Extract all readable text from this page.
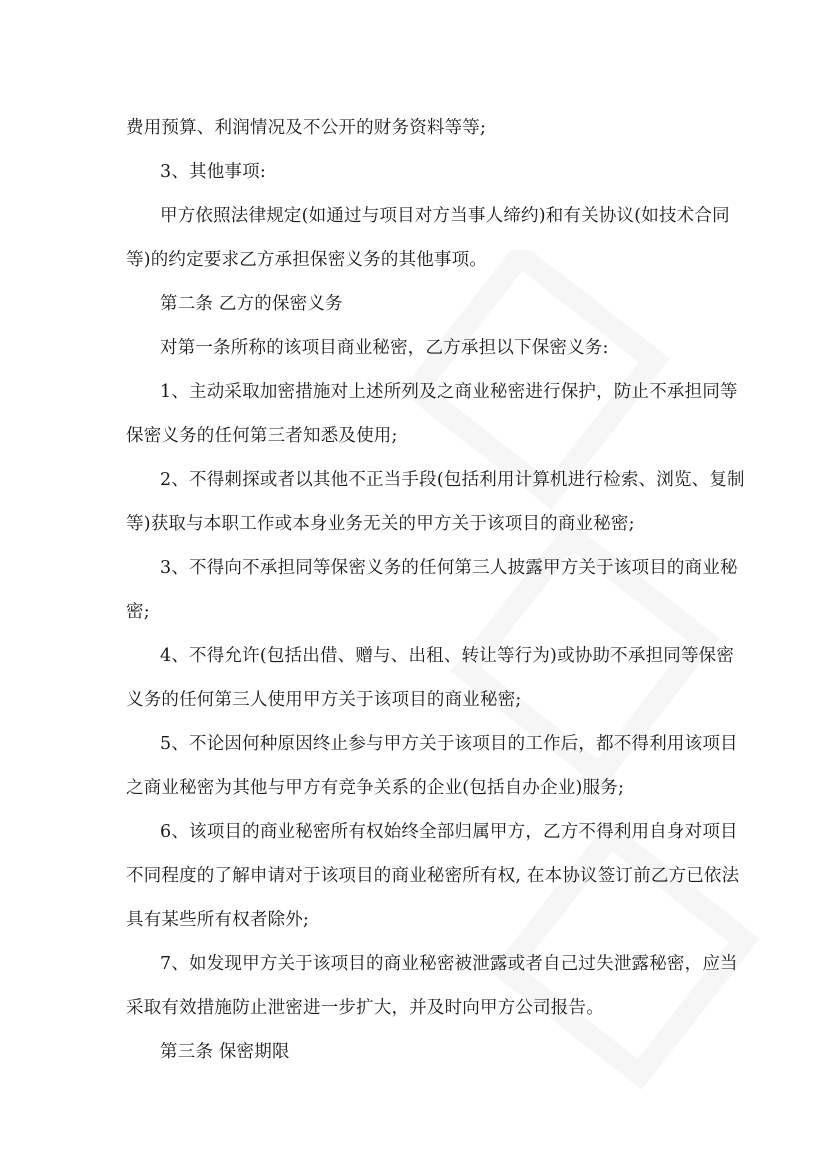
费用预算、利润情况及不公开的财务资料等等;

3、其他事项:

甲方依照法律规定(如通过与项目对方当事人缔约)和有关协议(如技术合同

等)的约定要求乙方承担保密义务的其他事项。

第二条 乙方的保密义务

对第一条所称的该项目商业秘密，乙方承担以下保密义务:

1、主动采取加密措施对上述所列及之商业秘密进行保护，防止不承担同等

保密义务的任何第三者知悉及使用;

2、不得刺探或者以其他不正当手段(包括利用计算机进行检索、浏览、复制

等)获取与本职工作或本身业务无关的甲方关于该项目的商业秘密;

3、不得向不承担同等保密义务的任何第三人披露甲方关于该项目的商业秘

密;

4、不得允许(包括出借、赠与、出租、转让等行为)或协助不承担同等保密

义务的任何第三人使用甲方关于该项目的商业秘密;

5、不论因何种原因终止参与甲方关于该项目的工作后，都不得利用该项目

之商业秘密为其他与甲方有竞争关系的企业(包括自办企业)服务;

6、该项目的商业秘密所有权始终全部归属甲方，乙方不得利用自身对项目

不同程度的了解申请对于该项目的商业秘密所有权, 在本协议签订前乙方已依法

具有某些所有权者除外;

7、如发现甲方关于该项目的商业秘密被泄露或者自己过失泄露秘密，应当

采取有效措施防止泄密进一步扩大，并及时向甲方公司报告。

第三条 保密期限
